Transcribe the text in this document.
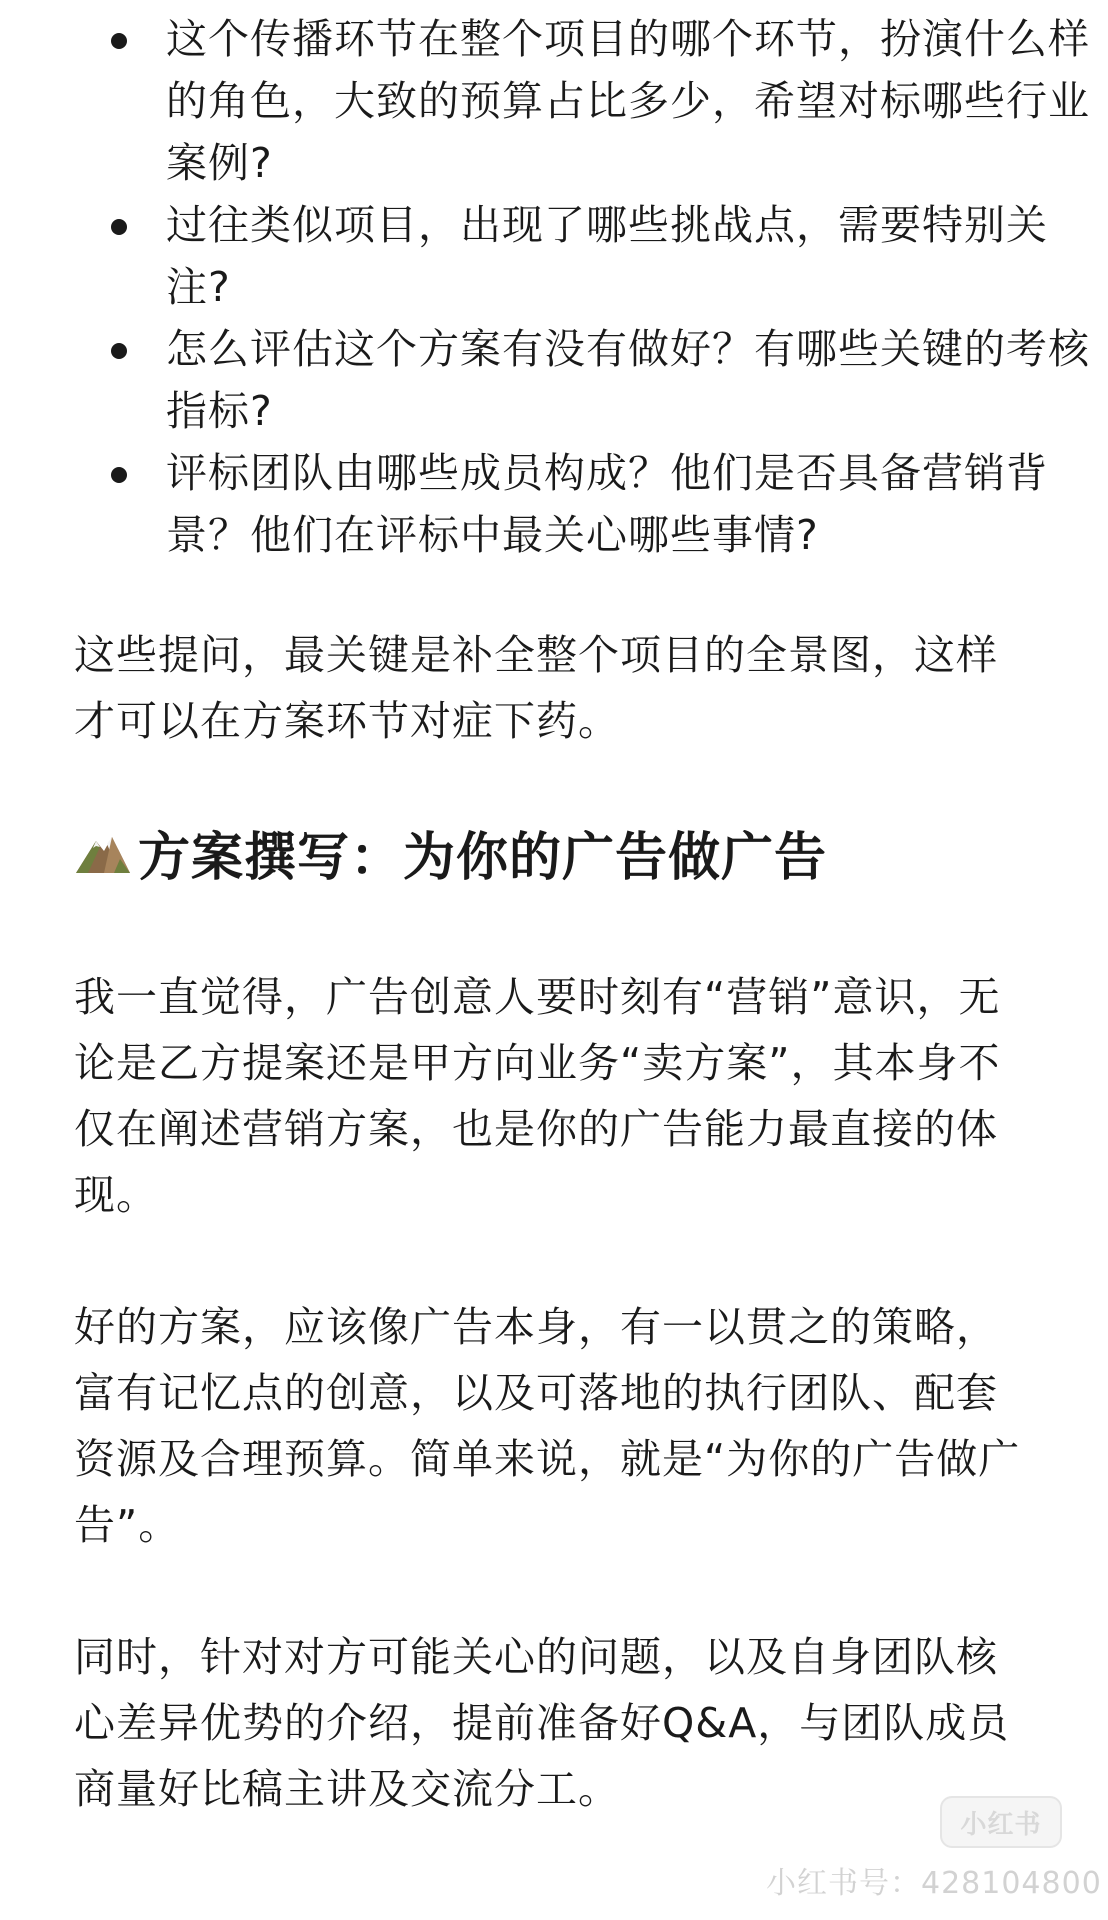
这个传播环节在整个项目的哪个环节，扮演什么样的角色，大致的预算占比多少，希望对标哪些行业案例?
过往类似项目，出现了哪些挑战点，需要特别关注?
怎么评估这个方案有没有做好？有哪些关键的考核指标?
评标团队由哪些成员构成？他们是否具备营销背景？他们在评标中最关心哪些事情?

这些提问，最关键是补全整个项目的全景图，这样才可以在方案环节对症下药。

方案撰写：为你的广告做广告

我一直觉得，广告创意人要时刻有“营销”意识，无论是乙方提案还是甲方向业务“卖方案”，其本身不仅在阐述营销方案，也是你的广告能力最直接的体现。

好的方案，应该像广告本身，有一以贯之的策略，富有记忆点的创意，以及可落地的执行团队、配套资源及合理预算。简单来说，就是“为你的广告做广告”。

同时，针对对方可能关心的问题，以及自身团队核心差异优势的介绍，提前准备好Q&A，与团队成员商量好比稿主讲及交流分工。

小红书
小红书号：428104800
